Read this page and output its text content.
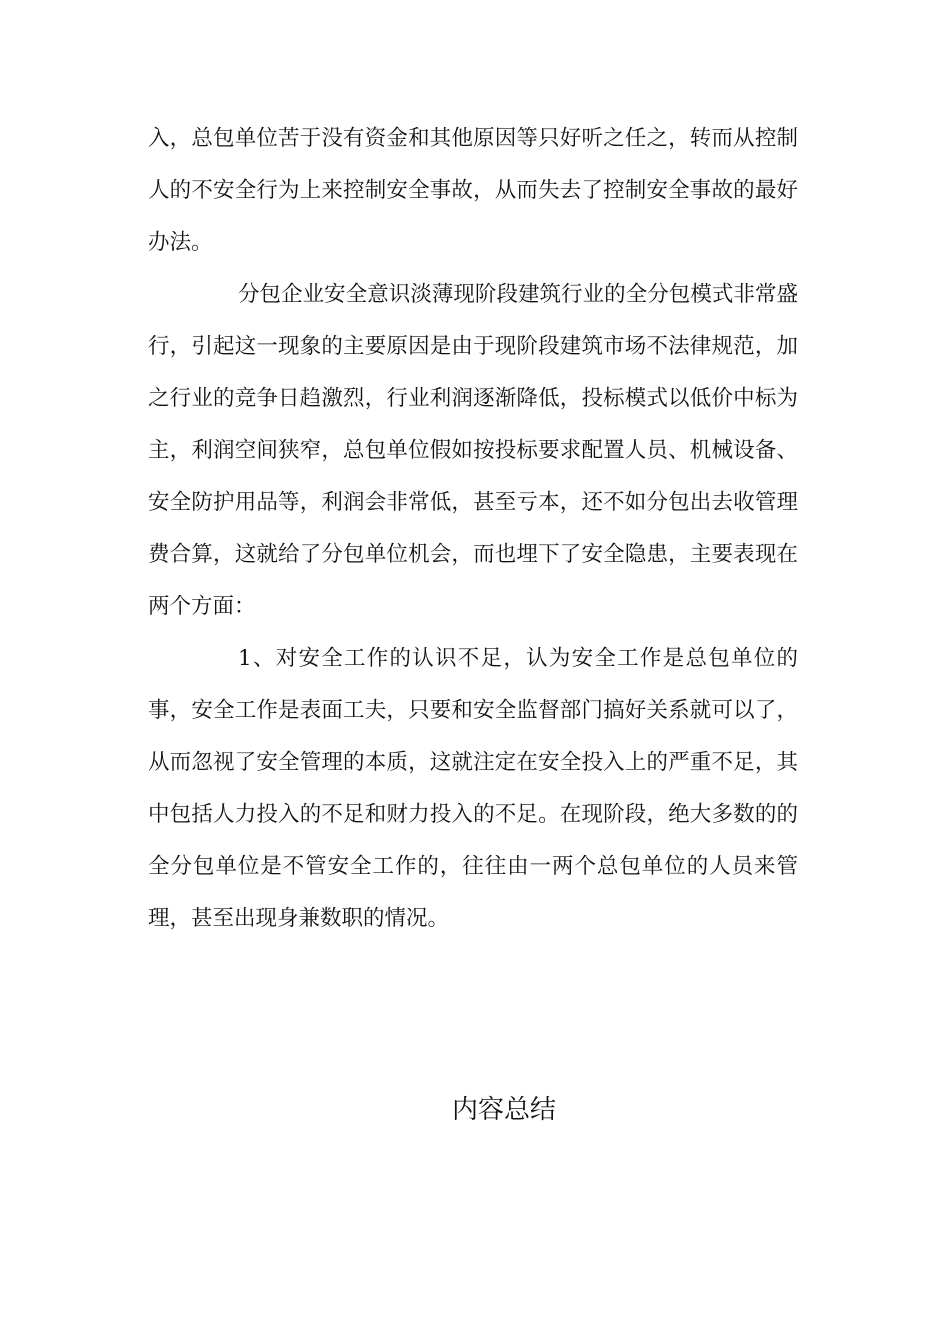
入，总包单位苦于没有资金和其他原因等只好听之任之，转而从控制人的不安全行为上来控制安全事故，从而失去了控制安全事故的最好办法。

分包企业安全意识淡薄现阶段建筑行业的全分包模式非常盛行，引起这一现象的主要原因是由于现阶段建筑市场不法律规范，加之行业的竞争日趋激烈，行业利润逐渐降低，投标模式以低价中标为主，利润空间狭窄，总包单位假如按投标要求配置人员、机械设备、安全防护用品等，利润会非常低，甚至亏本，还不如分包出去收管理费合算，这就给了分包单位机会，而也埋下了安全隐患，主要表现在两个方面：

1、对安全工作的认识不足，认为安全工作是总包单位的事，安全工作是表面工夫，只要和安全监督部门搞好关系就可以了，从而忽视了安全管理的本质，这就注定在安全投入上的严重不足，其中包括人力投入的不足和财力投入的不足。在现阶段，绝大多数的的全分包单位是不管安全工作的，往往由一两个总包单位的人员来管理，甚至出现身兼数职的情况。

内容总结
